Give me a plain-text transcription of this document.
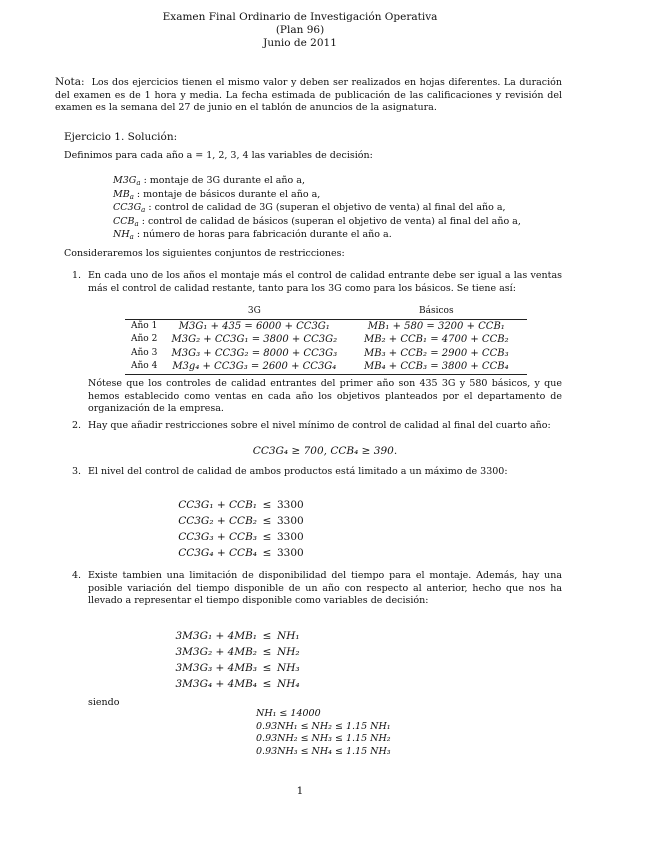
Examen Final Ordinario de Investigación Operativa
(Plan 96)
Junio de 2011
Nota: Los dos ejercicios tienen el mismo valor y deben ser realizados en hojas diferentes. La duración del examen es de 1 hora y media. La fecha estimada de publicación de las calificaciones y revisión del examen es la semana del 27 de junio en el tablón de anuncios de la asignatura.
Ejercicio 1. Solución:
Definimos para cada año a = 1, 2, 3, 4 las variables de decisión:
$M3G_a$ : montaje de 3G durante el año a,
$MB_a$ : montaje de básicos durante el año a,
$CC3G_a$ : control de calidad de 3G (superan el objetivo de venta) al final del año a,
$CCB_a$ : control de calidad de básicos (superan el objetivo de venta) al final del año a,
$NH_a$ : número de horas para fabricación durante el año a.
Consideraremos los siguientes conjuntos de restricciones:
1. En cada uno de los años el montaje más el control de calidad entrante debe ser igual a las ventas más el control de calidad restante, tanto para los 3G como para los básicos. Se tiene así:
	3G	Básicos
Año 1	M3G₁ + 435 = 6000 + CC3G₁	MB₁ + 580 = 3200 + CCB₁
Año 2	M3G₂ + CC3G₁ = 3800 + CC3G₂	MB₂ + CCB₁ = 4700 + CCB₂
Año 3	M3G₃ + CC3G₂ = 8000 + CC3G₃	MB₃ + CCB₂ = 2900 + CCB₃
Año 4	M3g₄ + CC3G₃ = 2600 + CC3G₄	MB₄ + CCB₃ = 3800 + CCB₄
Nótese que los controles de calidad entrantes del primer año son 435 3G y 580 básicos, y que hemos establecido como ventas en cada año los objetivos planteados por el departamento de organización de la empresa.
2. Hay que añadir restricciones sobre el nivel mínimo de control de calidad al final del cuarto año:
CC3G₄ ≥ 700, CCB₄ ≥ 390.
3. El nivel del control de calidad de ambos productos está limitado a un máximo de 3300:
CC3G₁ + CCB₁ ≤ 3300
CC3G₂ + CCB₂ ≤ 3300
CC3G₃ + CCB₃ ≤ 3300
CC3G₄ + CCB₄ ≤ 3300
4. Existe tambien una limitación de disponibilidad del tiempo para el montaje. Además, hay una posible variación del tiempo disponible de un año con respecto al anterior, hecho que nos ha llevado a representar el tiempo disponible como variables de decisión:
3M3G₁ + 4MB₁ ≤ NH₁
3M3G₂ + 4MB₂ ≤ NH₂
3M3G₃ + 4MB₃ ≤ NH₃
3M3G₄ + 4MB₄ ≤ NH₄
siendo
NH₁ ≤ 14000
0.93NH₁ ≤ NH₂ ≤ 1.15 NH₁
0.93NH₂ ≤ NH₃ ≤ 1.15 NH₂
0.93NH₃ ≤ NH₄ ≤ 1.15 NH₃
1
